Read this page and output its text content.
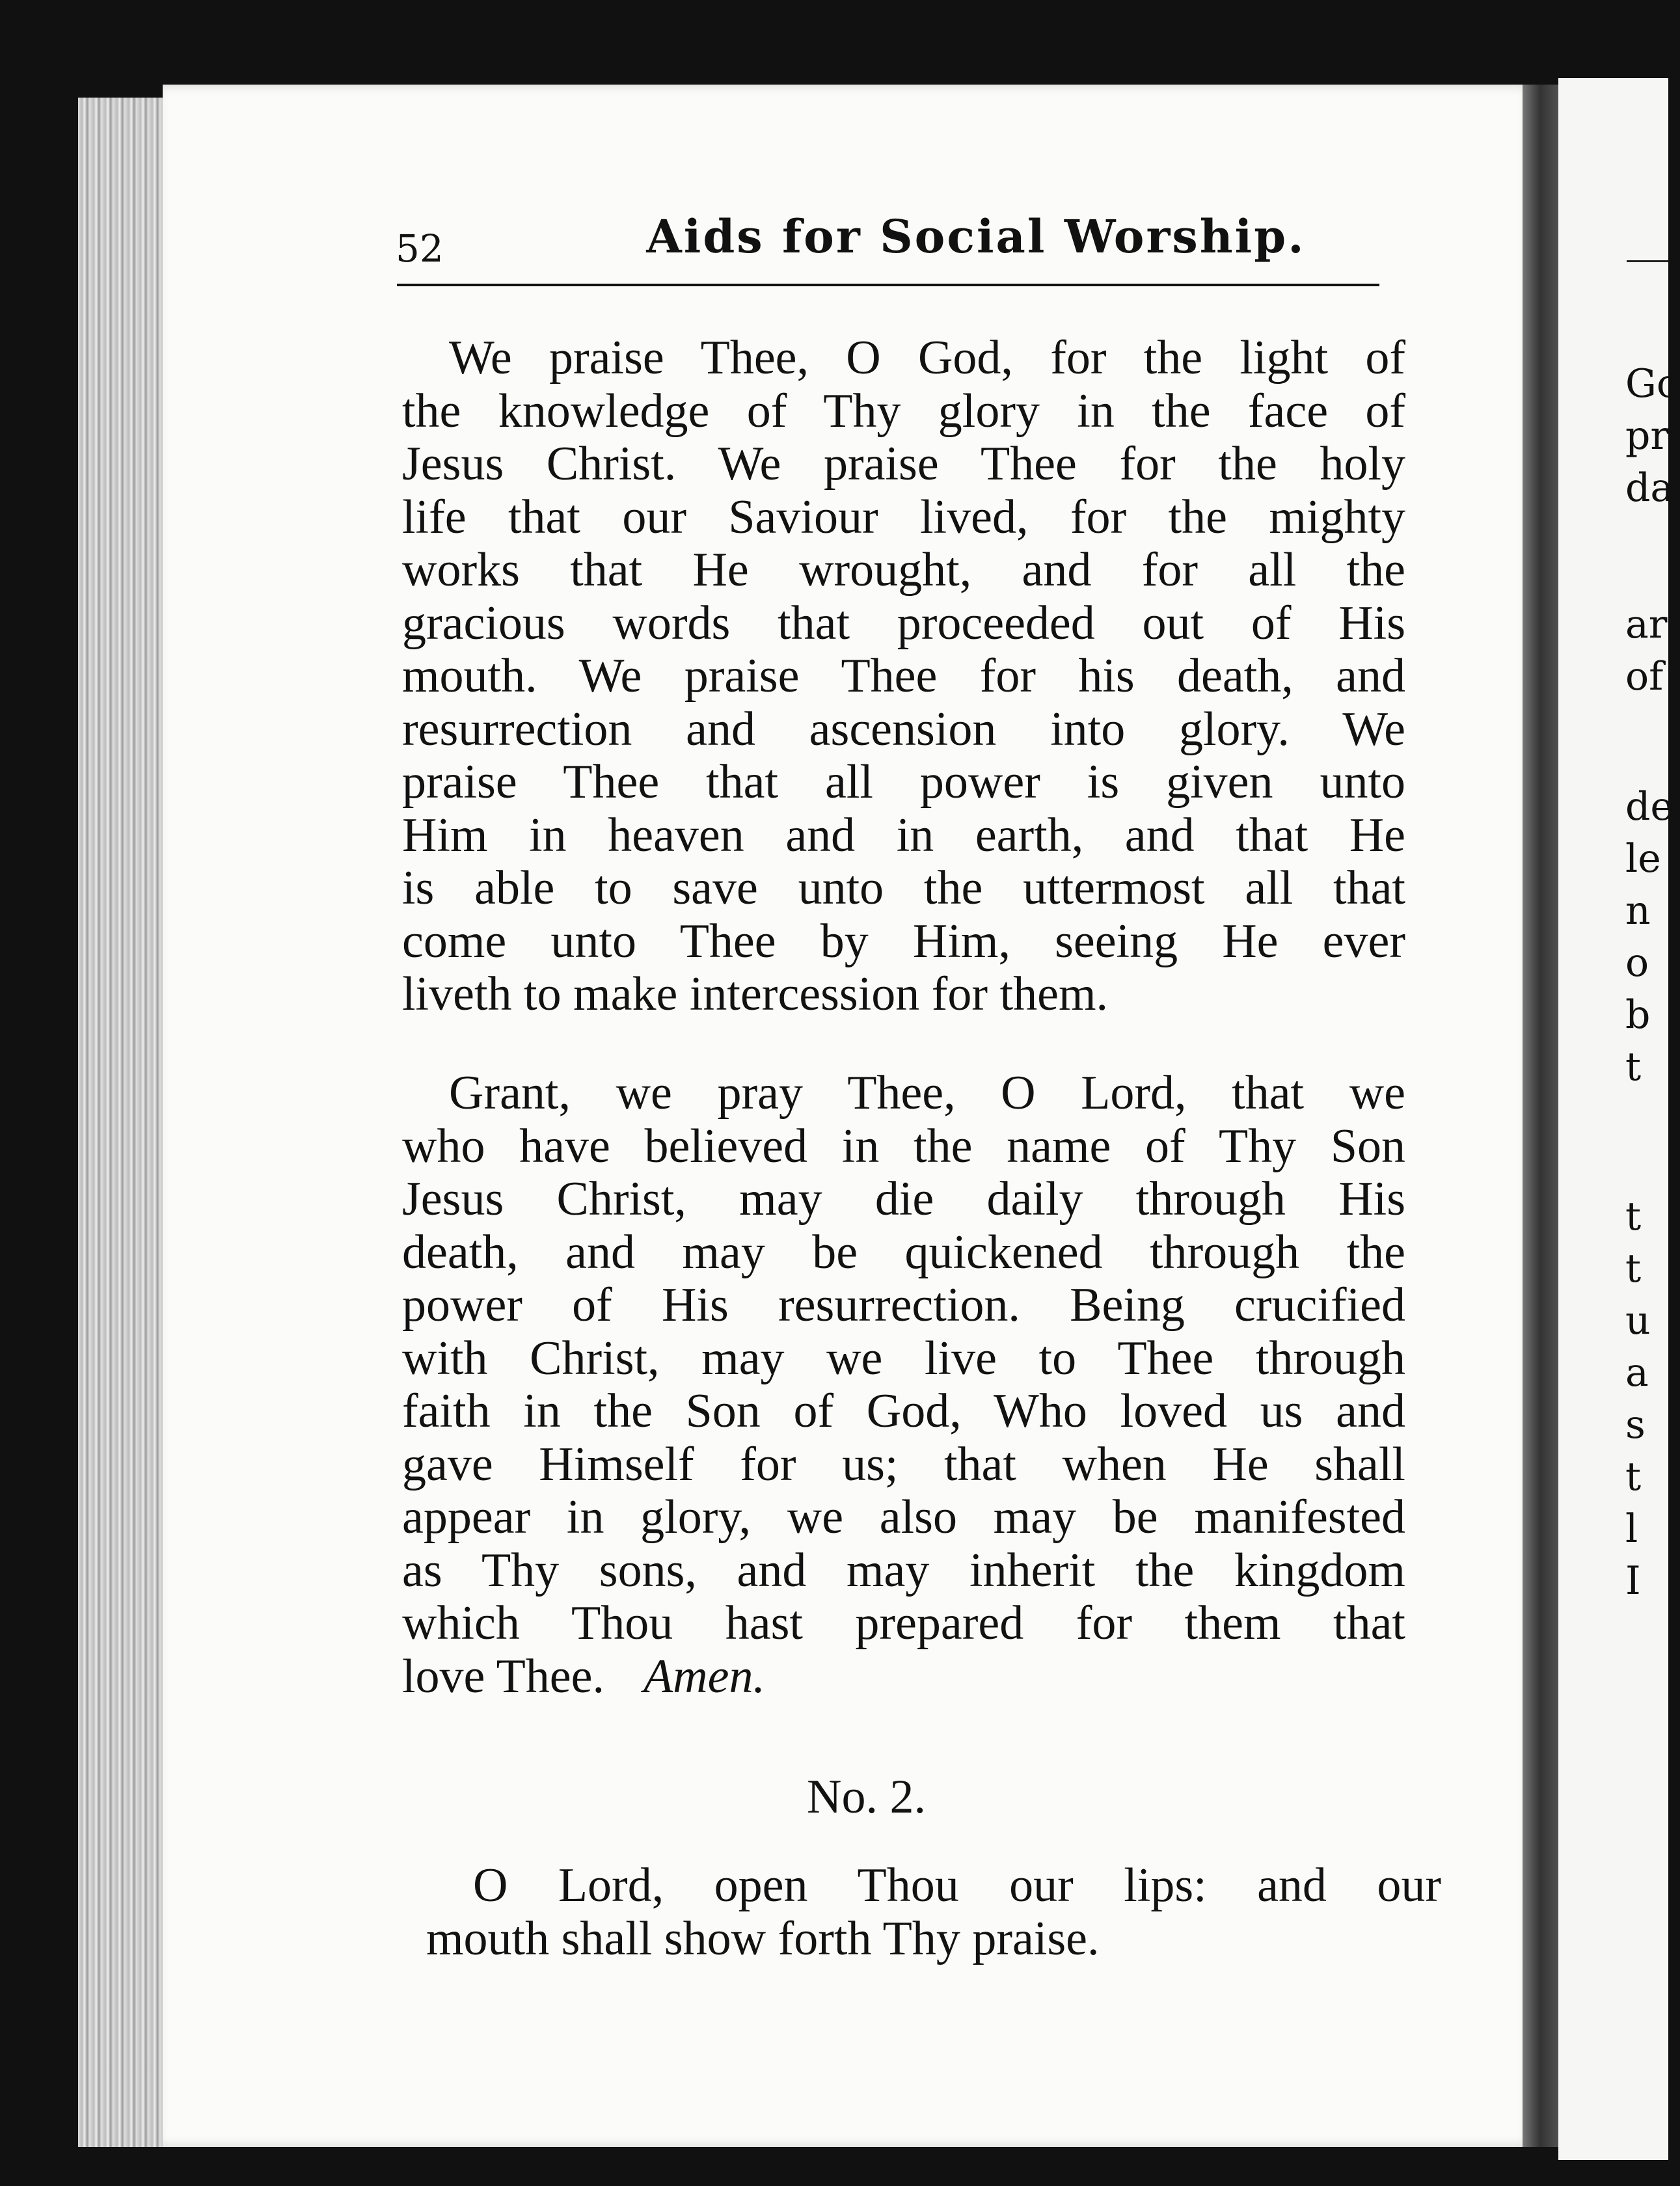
52	Aids for Social Worship.
We praise Thee, O God, for the light of
the knowledge of Thy glory in the face of
Jesus Christ. We praise Thee for the holy
life that our Saviour lived, for the mighty
works that He wrought, and for all the
gracious words that proceeded out of His
mouth. We praise Thee for his death, and
resurrection and ascension into glory. We
praise Thee that all power is given unto
Him in heaven and in earth, and that He
is able to save unto the uttermost all that
come unto Thee by Him, seeing He ever
liveth to make intercession for them.
Grant, we pray Thee, O Lord, that we
who have believed in the name of Thy Son
Jesus Christ, may die daily through His
death, and may be quickened through the
power of His resurrection. Being crucified
with Christ, may we live to Thee through
faith in the Son of God, Who loved us and
gave Himself for us; that when He shall
appear in glory, we also may be manifested
as Thy sons, and may inherit the kingdom
which Thou hast prepared for them that
love Thee. Amen.
No. 2.
O Lord, open Thou our lips: and our
mouth shall show forth Thy praise.
Go
pr
da
ar
of
de
le
n
o
b
t
t
t
u
a
s
t
l
I
